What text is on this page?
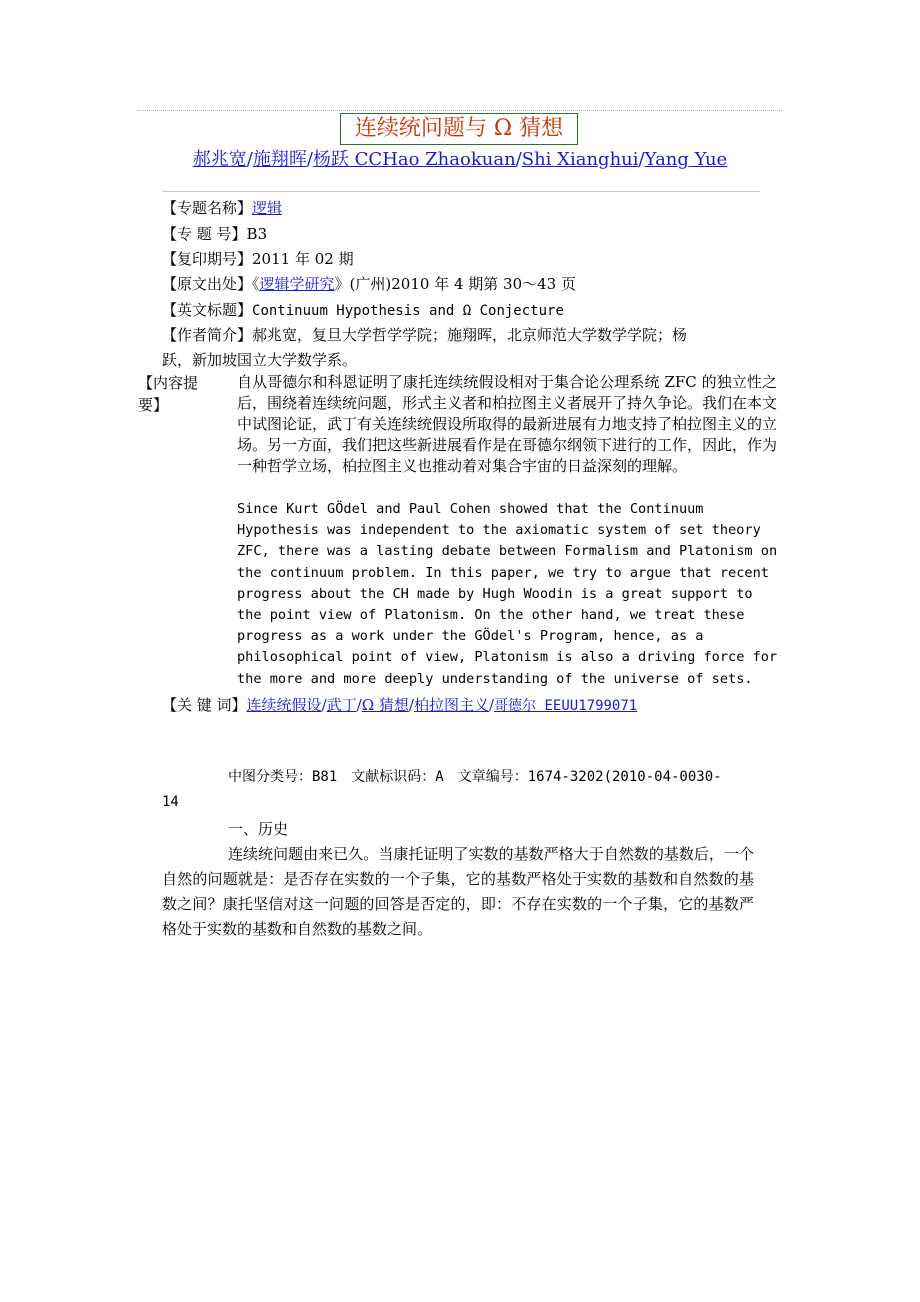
连续统问题与 Ω 猜想
郝兆宽/施翔晖/杨跃 CCHao Zhaokuan/Shi Xianghui/Yang Yue
【专题名称】逻辑
【专 题 号】B3
【复印期号】2011 年 02 期
【原文出处】《逻辑学研究》(广州)2010 年 4 期第 30～43 页
【英文标题】Continuum Hypothesis and Ω Conjecture
【作者简介】郝兆宽，复旦大学哲学学院；施翔晖，北京师范大学数学学院；杨
跃，新加坡国立大学数学系。
【内容提
要】
自从哥德尔和科恩证明了康托连续统假设相对于集合论公理系统 ZFC 的独立性之后，围绕着连续统问题，形式主义者和柏拉图主义者展开了持久争论。我们在本文中试图论证，武丁有关连续统假设所取得的最新进展有力地支持了柏拉图主义的立场。另一方面，我们把这些新进展看作是在哥德尔纲领下进行的工作，因此，作为一种哲学立场，柏拉图主义也推动着对集合宇宙的日益深刻的理解。
Since Kurt GÖdel and Paul Cohen showed that the Continuum
Hypothesis was independent to the axiomatic system of set theory
ZFC, there was a lasting debate between Formalism and Platonism on
the continuum problem. In this paper, we try to argue that recent
progress about the CH made by Hugh Woodin is a great support to
the point view of Platonism. On the other hand, we treat these
progress as a work under the GÖdel's Program, hence, as a
philosophical point of view, Platonism is also a driving force for
the more and more deeply understanding of the universe of sets.
【关 键 词】连续统假设/武丁/Ω 猜想/柏拉图主义/哥德尔 EEUU1799071
中图分类号：B81　文献标识码：A　文章编号：1674-3202(2010-04-0030-
14
一、历史
连续统问题由来已久。当康托证明了实数的基数严格大于自然数的基数后，一个自然的问题就是：是否存在实数的一个子集，它的基数严格处于实数的基数和自然数的基数之间？康托坚信对这一问题的回答是否定的，即：不存在实数的一个子集，它的基数严格处于实数的基数和自然数的基数之间。
